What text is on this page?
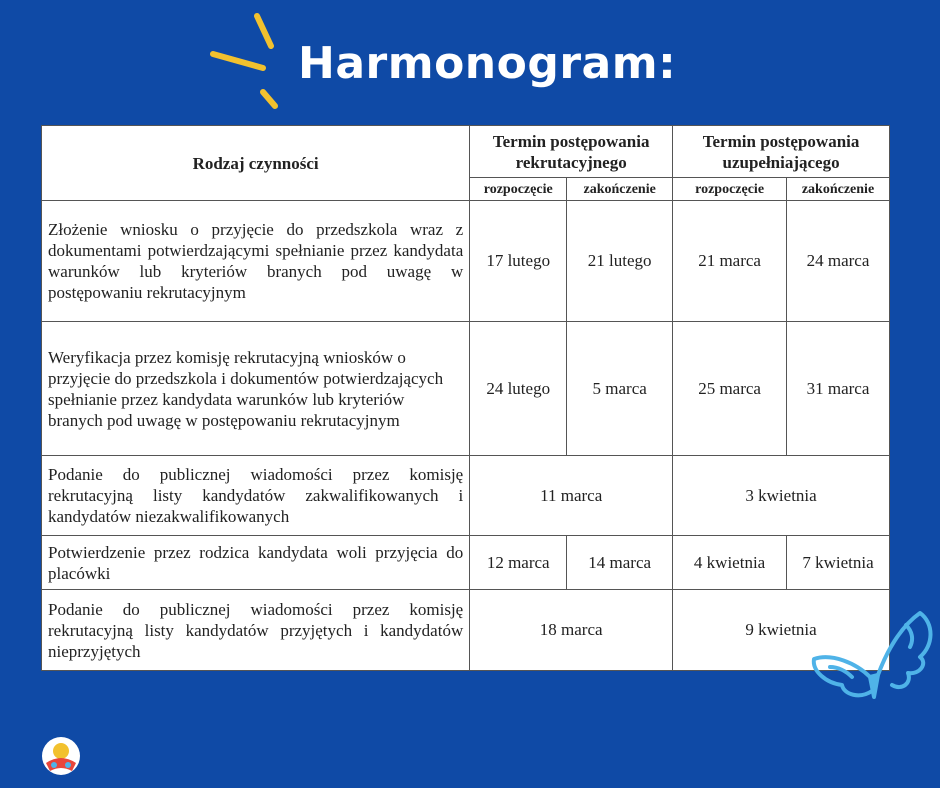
Harmonogram:
Rodzaj czynności	Termin postępowania rekrutacyjnego		Termin postępowania uzupełniającego	
	rozpoczęcie	zakończenie	rozpoczęcie	zakończenie
Złożenie wniosku o przyjęcie do przedszkola wraz z dokumentami potwierdzającymi spełnianie przez kandydata warunków lub kryteriów branych pod uwagę w postępowaniu rekrutacyjnym	17 lutego	21 lutego	21 marca	24 marca
Weryfikacja przez komisję rekrutacyjną wniosków o przyjęcie do przedszkola i dokumentów potwierdzających spełnianie przez kandydata warunków lub kryteriów branych pod uwagę w postępowaniu rekrutacyjnym	24 lutego	5 marca	25 marca	31 marca
Podanie do publicznej wiadomości przez komisję rekrutacyjną listy kandydatów zakwalifikowanych i kandydatów niezakwalifikowanych	11 marca		3 kwietnia	
Potwierdzenie przez rodzica kandydata woli przyjęcia do placówki	12 marca	14 marca	4 kwietnia	7 kwietnia
Podanie do publicznej wiadomości przez komisję rekrutacyjną listy kandydatów przyjętych i kandydatów nieprzyjętych	18 marca		9 kwietnia	
